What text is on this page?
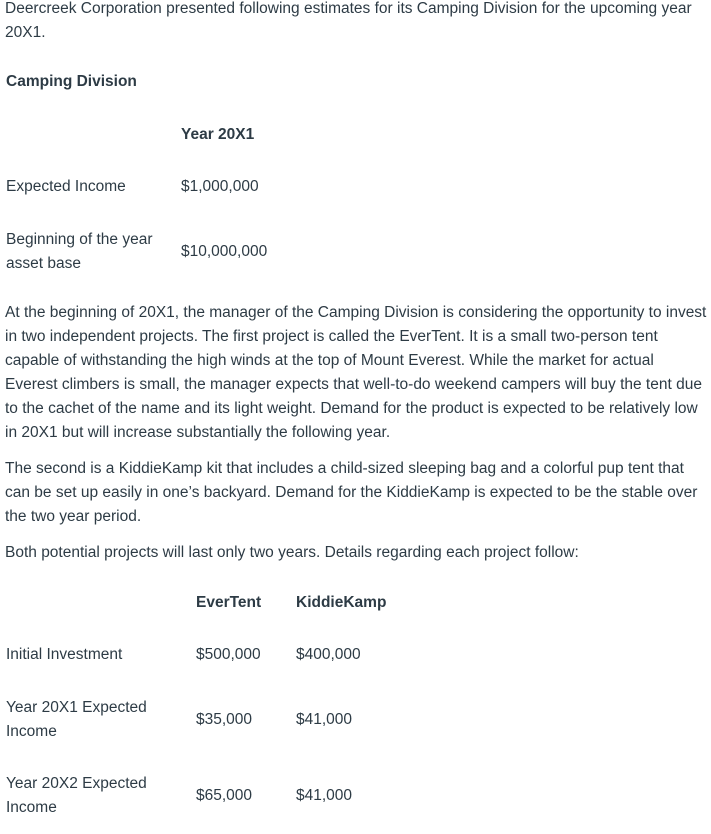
Deercreek Corporation presented following estimates for its Camping Division for the upcoming year 20X1.

Camping Division

	Year 20X1
Expected Income	$1,000,000
Beginning of the year asset base	$10,000,000

At the beginning of 20X1, the manager of the Camping Division is considering the opportunity to invest in two independent projects. The first project is called the EverTent. It is a small two-person tent capable of withstanding the high winds at the top of Mount Everest. While the market for actual Everest climbers is small, the manager expects that well-to-do weekend campers will buy the tent due to the cachet of the name and its light weight. Demand for the product is expected to be relatively low in 20X1 but will increase substantially the following year.

The second is a KiddieKamp kit that includes a child-sized sleeping bag and a colorful pup tent that can be set up easily in one’s backyard. Demand for the KiddieKamp is expected to be the stable over the two year period.

Both potential projects will last only two years. Details regarding each project follow:

	EverTent	KiddieKamp
Initial Investment	$500,000	$400,000
Year 20X1 Expected Income	$35,000	$41,000
Year 20X2 Expected Income	$65,000	$41,000
